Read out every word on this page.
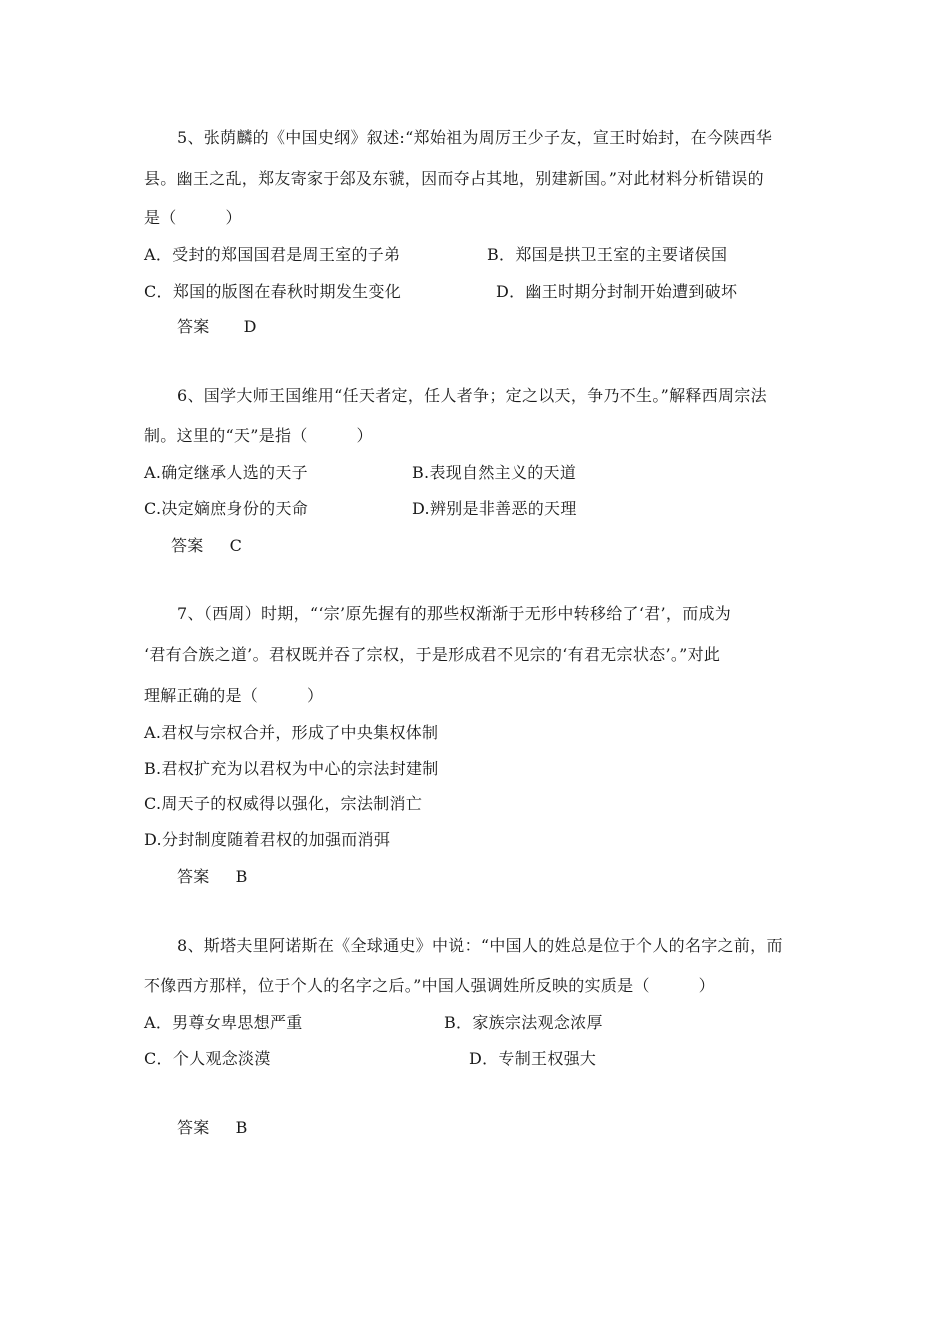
5、张荫麟的《中国史纲》叙述:“郑始祖为周厉王少子友，宣王时始封，在今陕西华
县。幽王之乱，郑友寄家于郐及东虢，因而夺占其地，别建新国。”对此材料分析错误的
是（　　　）
A．受封的郑国国君是周王室的子弟	B．郑国是拱卫王室的主要诸侯国
C．郑国的版图在春秋时期发生变化	D．幽王时期分封制开始遭到破坏
答案 D
6、国学大师王国维用“任天者定，任人者争；定之以天，争乃不生。”解释西周宗法
制。这里的“天”是指（　　　）
A.确定继承人选的天子	B.表现自然主义的天道
C.决定嫡庶身份的天命	D.辨别是非善恶的天理
答案 C
7、（西周）时期，“‘宗’原先握有的那些权渐渐于无形中转移给了‘君’，而成为
‘君有合族之道’。君权既并吞了宗权，于是形成君不见宗的‘有君无宗状态’。”对此
理解正确的是（　　　）
A.君权与宗权合并，形成了中央集权体制
B.君权扩充为以君权为中心的宗法封建制
C.周天子的权威得以强化，宗法制消亡
D.分封制度随着君权的加强而消弭
答案 B
8、斯塔夫里阿诺斯在《全球通史》中说：“中国人的姓总是位于个人的名字之前，而
不像西方那样，位于个人的名字之后。”中国人强调姓所反映的实质是（　　　）
A．男尊女卑思想严重	B．家族宗法观念浓厚
C．个人观念淡漠	D．专制王权强大
答案 B
